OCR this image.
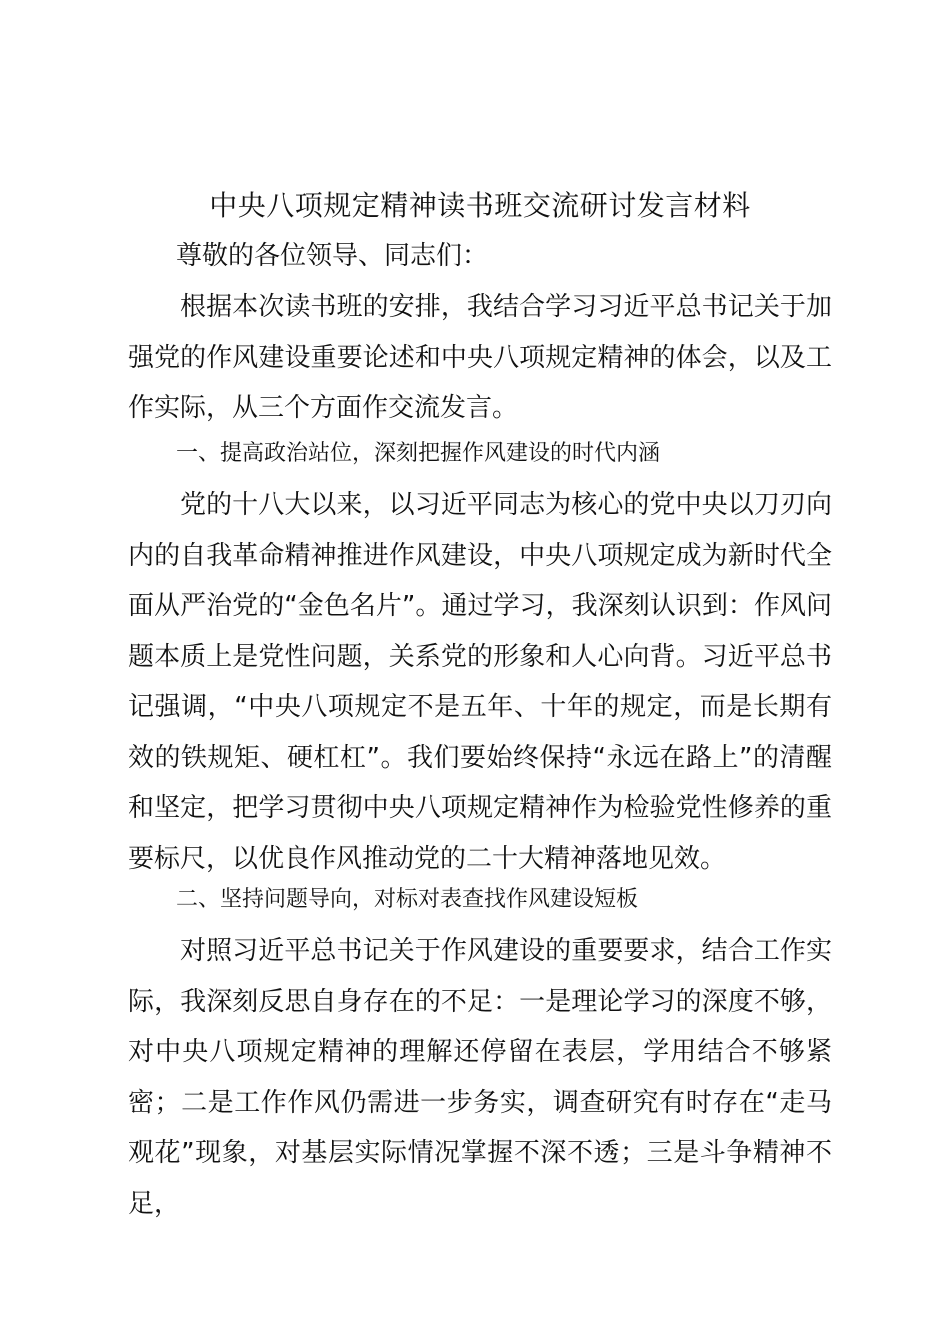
中央八项规定精神读书班交流研讨发言材料
尊敬的各位领导、同志们：

根据本次读书班的安排，我结合学习习近平总书记关于加强党的作风建设重要论述和中央八项规定精神的体会，以及工作实际，从三个方面作交流发言。

一、提高政治站位，深刻把握作风建设的时代内涵

党的十八大以来，以习近平同志为核心的党中央以刀刃向内的自我革命精神推进作风建设，中央八项规定成为新时代全面从严治党的“金色名片”。通过学习，我深刻认识到：作风问题本质上是党性问题，关系党的形象和人心向背。习近平总书记强调，“中央八项规定不是五年、十年的规定，而是长期有效的铁规矩、硬杠杠”。我们要始终保持“永远在路上”的清醒和坚定，把学习贯彻中央八项规定精神作为检验党性修养的重要标尺，以优良作风推动党的二十大精神落地见效。

二、坚持问题导向，对标对表查找作风建设短板

对照习近平总书记关于作风建设的重要要求，结合工作实际，我深刻反思自身存在的不足：一是理论学习的深度不够，对中央八项规定精神的理解还停留在表层，学用结合不够紧密；二是工作作风仍需进一步务实，调查研究有时存在“走马观花”现象，对基层实际情况掌握不深不透；三是斗争精神不足，
